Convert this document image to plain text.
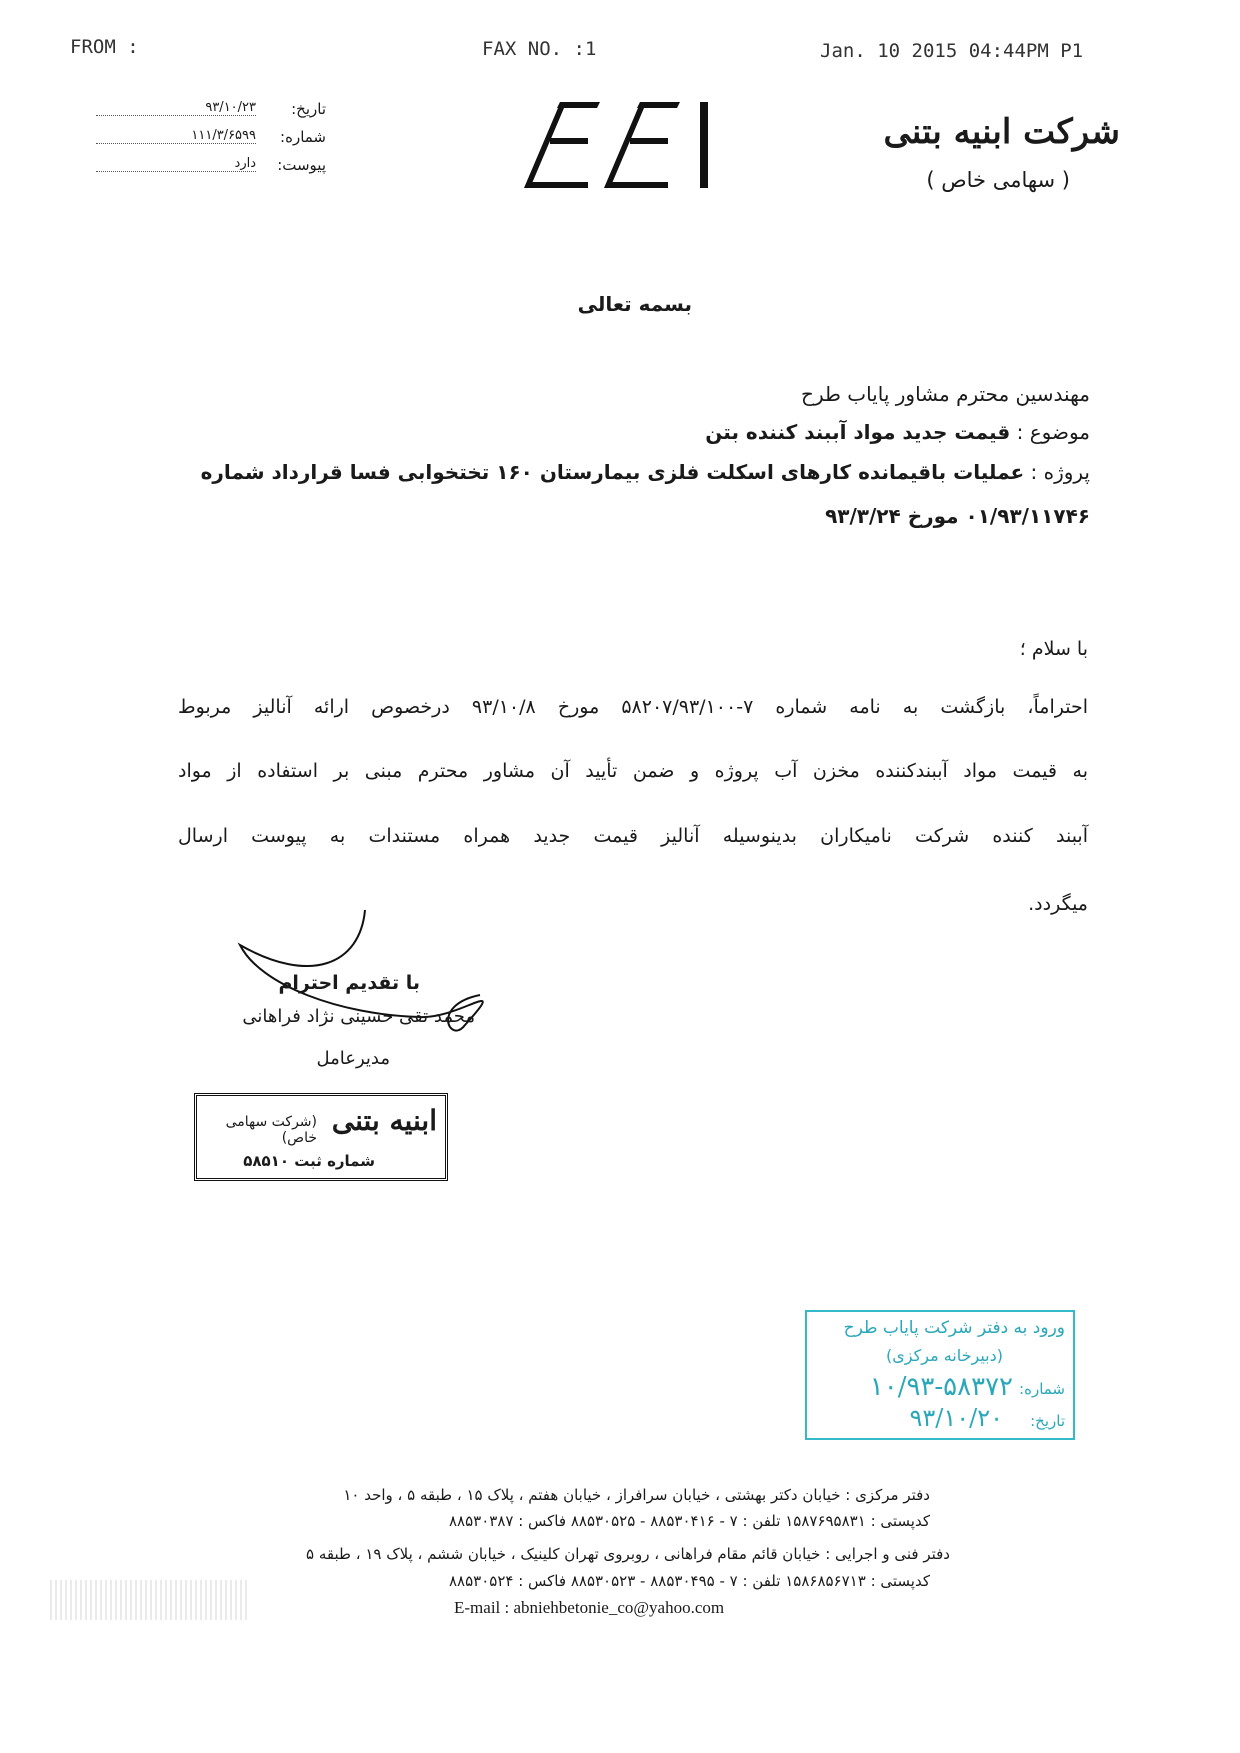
FROM :	FAX NO. :1	Jan. 10 2015 04:44PM P1
تاریخ:
۹۳/۱۰/۲۳
شماره:
۱۱۱/۳/۶۵۹۹
پیوست:
دارد
شرکت ابنیه بتنی
( سهامی خاص )
بسمه تعالی
مهندسین محترم مشاور پایاب طرح
موضوع : قیمت جدید مواد آببند کننده بتن
پروژه : عملیات باقیمانده کارهای اسکلت فلزی بیمارستان ۱۶۰ تختخوابی فسا قرارداد شماره
۰۱/۹۳/۱۱۷۴۶ مورخ ۹۳/۳/۲۴
با سلام ؛
احتراماً، بازگشت به نامه شماره ۷-۵۸۲۰۷/۹۳/۱۰۰ مورخ ۹۳/۱۰/۸ درخصوص ارائه آنالیز مربوط
به قیمت مواد آببندکننده مخزن آب پروژه و ضمن تأیید آن مشاور محترم مبنی بر استفاده از مواد
آببند کننده شرکت نامیکاران بدینوسیله آنالیز قیمت جدید همراه مستندات به پیوست ارسال
میگردد.
با تقدیم احترام
محمد تقی حسینی نژاد فراهانی
مدیرعامل
ابنیه بتنی
(شرکت سهامی خاص)
شماره ثبت ۵۸۵۱۰
ورود به دفتر شرکت پایاب طرح
(دبیرخانه مرکزی)
شماره:
۱۰/۹۳-۵۸۳۷۲
تاریخ:
۹۳/۱۰/۲۰
دفتر مرکزی : خیابان دکتر بهشتی ، خیابان سرافراز ، خیابان هفتم ، پلاک ۱۵ ، طبقه ۵ ، واحد ۱۰
کدپستی : ۱۵۸۷۶۹۵۸۳۱ تلفن : ۷ - ۸۸۵۳۰۴۱۶ - ۸۸۵۳۰۵۲۵ فاکس : ۸۸۵۳۰۳۸۷
دفتر فنی و اجرایی : خیابان قائم مقام فراهانی ، روبروی تهران کلینیک ، خیابان ششم ، پلاک ۱۹ ، طبقه ۵
کدپستی : ۱۵۸۶۸۵۶۷۱۳ تلفن : ۷ - ۸۸۵۳۰۴۹۵ - ۸۸۵۳۰۵۲۳ فاکس : ۸۸۵۳۰۵۲۴
E-mail : abniehbetonie_co@yahoo.com
